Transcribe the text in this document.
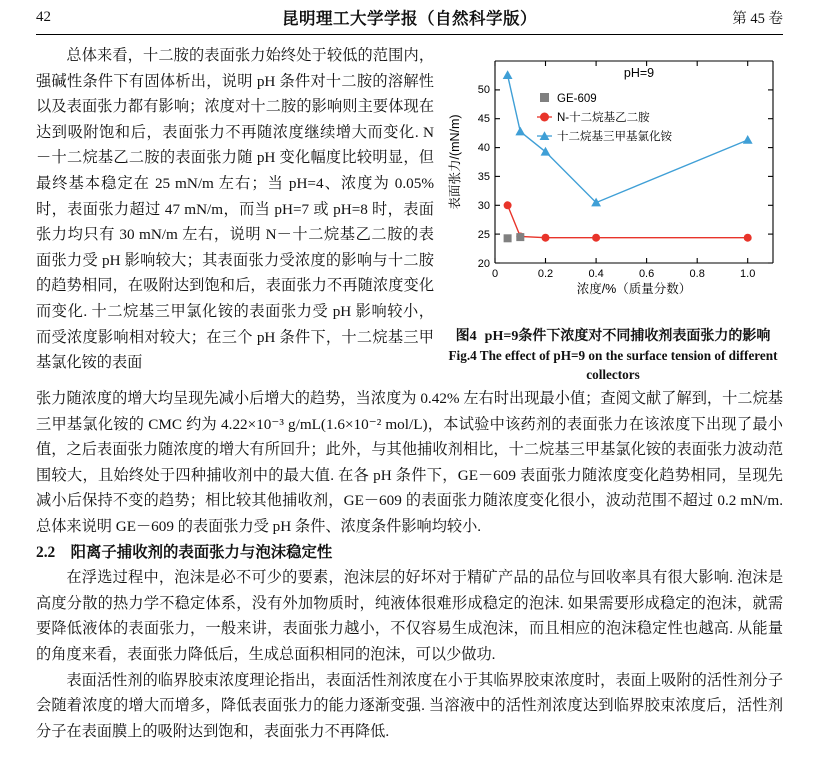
42	昆明理工大学学报（自然科学版）	第 45 卷
20
25
30
35
40
45
50
0	0.2	0.4	0.6	0.8	1.0
浓度/%（质量分数）
表面张力/(mN/m)
pH=9
GE-609
N-十二烷基乙二胺
十二烷基三甲基氯化铵
图4 pH=9条件下浓度对不同捕收剂表面张力的影响
Fig.4 The effect of pH=9 on the surface tension of different collectors

总体来看，十二胺的表面张力始终处于较低的范围内，强碱性条件下有固体析出，说明 pH 条件对十二胺的溶解性以及表面张力都有影响；浓度对十二胺的影响则主要体现在达到吸附饱和后，表面张力不再随浓度继续增大而变化. N－十二烷基乙二胺的表面张力随 pH 变化幅度比较明显，但最终基本稳定在 25 mN/m 左右；当 pH=4、浓度为 0.05% 时，表面张力超过 47 mN/m，而当 pH=7 或 pH=8 时，表面张力均只有 30 mN/m 左右，说明 N－十二烷基乙二胺的表面张力受 pH 影响较大；其表面张力受浓度的影响与十二胺的趋势相同，在吸附达到饱和后，表面张力不再随浓度变化而变化. 十二烷基三甲氯化铵的表面张力受 pH 影响较小，而受浓度影响相对较大；在三个 pH 条件下，十二烷基三甲基氯化铵的表面

张力随浓度的增大均呈现先减小后增大的趋势，当浓度为 0.42% 左右时出现最小值；查阅文献了解到，十二烷基三甲基氯化铵的 CMC 约为 4.22×10⁻³ g/mL(1.6×10⁻² mol/L)，本试验中该药剂的表面张力在该浓度下出现了最小值，之后表面张力随浓度的增大有所回升；此外，与其他捕收剂相比，十二烷基三甲基氯化铵的表面张力波动范围较大，且始终处于四种捕收剂中的最大值. 在各 pH 条件下，GE－609 表面张力随浓度变化趋势相同，呈现先减小后保持不变的趋势；相比较其他捕收剂，GE－609 的表面张力随浓度变化很小，波动范围不超过 0.2 mN/m. 总体来说明 GE－609 的表面张力受 pH 条件、浓度条件影响均较小.

2.2　阳离子捕收剂的表面张力与泡沫稳定性

在浮选过程中，泡沫是必不可少的要素，泡沫层的好坏对于精矿产品的品位与回收率具有很大影响. 泡沫是高度分散的热力学不稳定体系，没有外加物质时，纯液体很难形成稳定的泡沫. 如果需要形成稳定的泡沫，就需要降低液体的表面张力，一般来讲，表面张力越小，不仅容易生成泡沫，而且相应的泡沫稳定性也越高. 从能量的角度来看，表面张力降低后，生成总面积相同的泡沫，可以少做功.

表面活性剂的临界胶束浓度理论指出，表面活性剂浓度在小于其临界胶束浓度时，表面上吸附的活性剂分子会随着浓度的增大而增多，降低表面张力的能力逐渐变强. 当溶液中的活性剂浓度达到临界胶束浓度后，活性剂分子在表面膜上的吸附达到饱和，表面张力不再降低.
